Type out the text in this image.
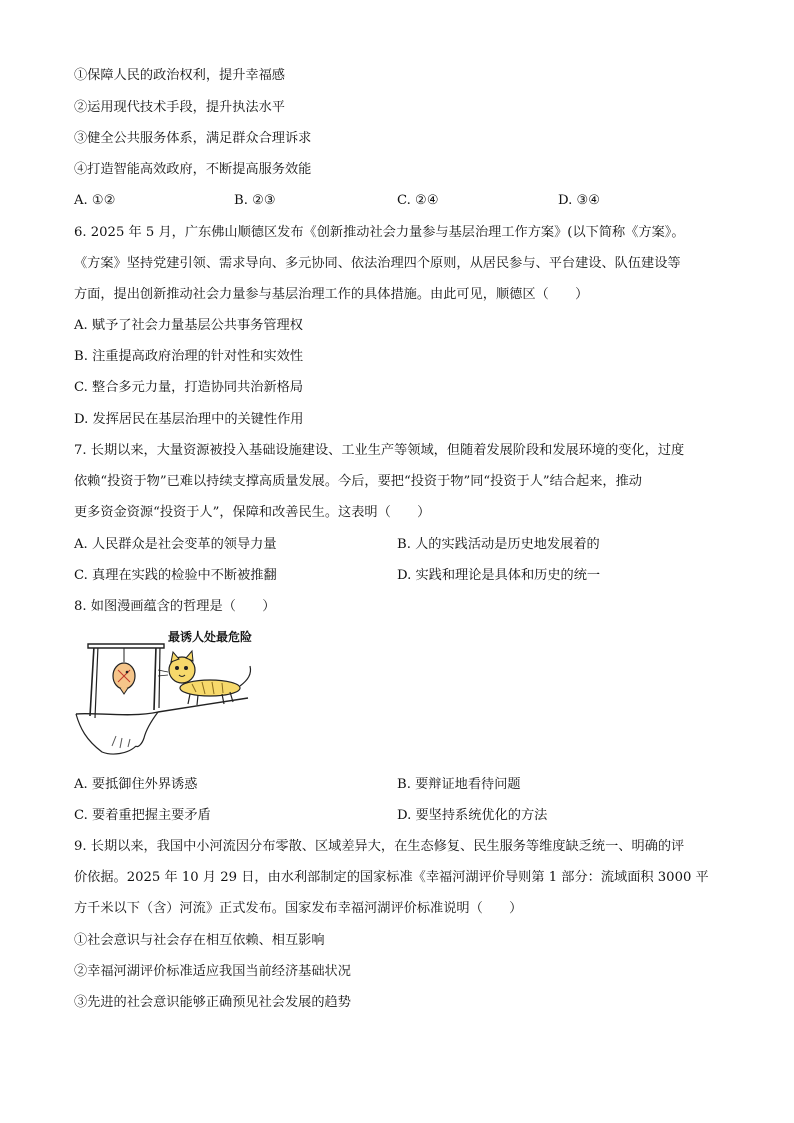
①保障人民的政治权利，提升幸福感
②运用现代技术手段，提升执法水平
③健全公共服务体系，满足群众合理诉求
④打造智能高效政府，不断提高服务效能
A. ①②	B. ②③	C. ②④	D. ③④
6. 2025 年 5 月，广东佛山顺德区发布《创新推动社会力量参与基层治理工作方案》(以下简称《方案》。
《方案》坚持党建引领、需求导向、多元协同、依法治理四个原则，从居民参与、平台建设、队伍建设等
方面，提出创新推动社会力量参与基层治理工作的具体措施。由此可见，顺德区（　　）
A. 赋予了社会力量基层公共事务管理权
B. 注重提高政府治理的针对性和实效性
C. 整合多元力量，打造协同共治新格局
D. 发挥居民在基层治理中的关键性作用
7. 长期以来，大量资源被投入基础设施建设、工业生产等领域，但随着发展阶段和发展环境的变化，过度
依赖“投资于物”已难以持续支撑高质量发展。今后，要把“投资于物”同“投资于人”结合起来，推动
更多资金资源“投资于人”，保障和改善民生。这表明（　　）
A. 人民群众是社会变革的领导力量	B. 人的实践活动是历史地发展着的
C. 真理在实践的检验中不断被推翻	D. 实践和理论是具体和历史的统一
8. 如图漫画蕴含的哲理是（　　）
最诱人处最危险
A. 要抵御住外界诱惑	B. 要辩证地看待问题
C. 要着重把握主要矛盾	D. 要坚持系统优化的方法
9. 长期以来，我国中小河流因分布零散、区域差异大，在生态修复、民生服务等维度缺乏统一、明确的评
价依据。2025 年 10 月 29 日，由水利部制定的国家标准《幸福河湖评价导则第 1 部分：流域面积 3000 平
方千米以下（含）河流》正式发布。国家发布幸福河湖评价标准说明（　　）
①社会意识与社会存在相互依赖、相互影响
②幸福河湖评价标准适应我国当前经济基础状况
③先进的社会意识能够正确预见社会发展的趋势
